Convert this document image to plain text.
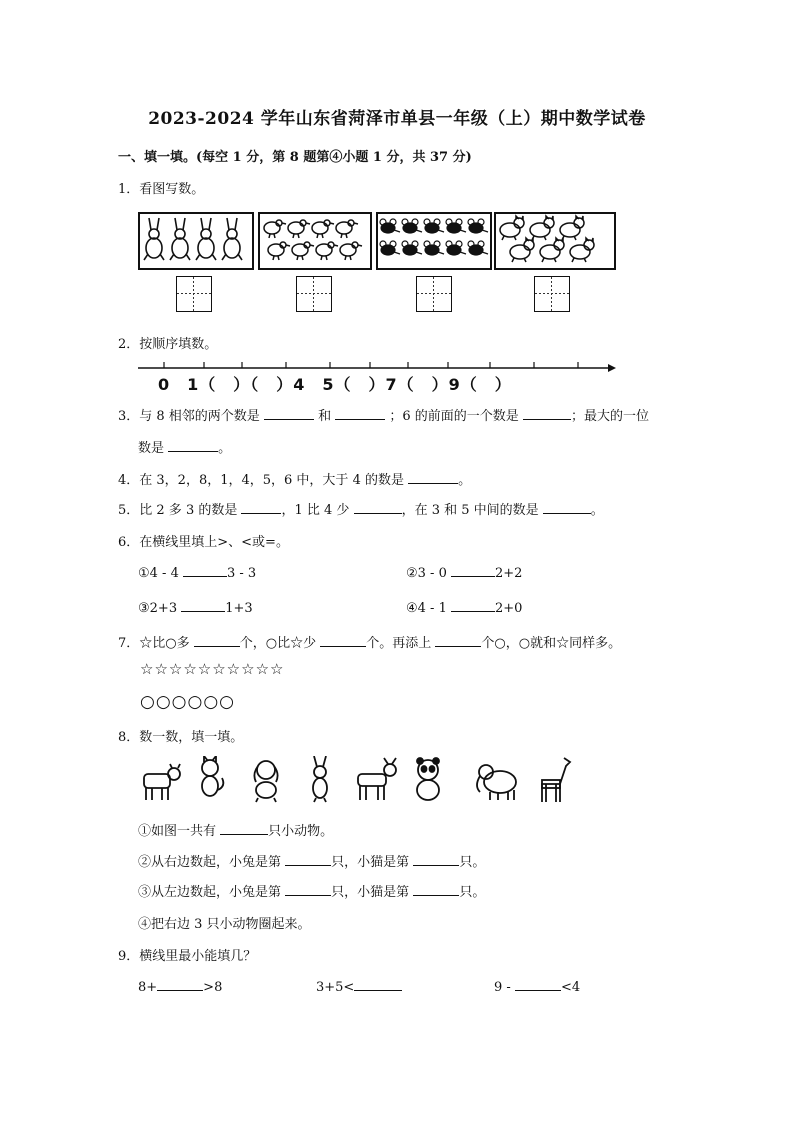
2023-2024 学年山东省菏泽市单县一年级（上）期中数学试卷
一、填一填。(每空 1 分，第 8 题第④小题 1 分，共 37 分)
1．看图写数。
2．按顺序填数。
0　1（　）（　）4　5（　）7（　）9（　）
3．与 8 相邻的两个数是	和	；6 的前面的一个数是	；最大的一位
数是	。
4．在 3，2，8，1，4，5，6 中，大于 4 的数是	。
5．比 2 多 3 的数是	，1 比 4 少	，在 3 和 5 中间的数是	。
6．在横线里填上>、<或=。
①4 - 4	3 - 3	②3 - 0	2+2
③2+3	1+3	④4 - 1	2+0
7．☆比○多	个，○比☆少	个。再添上	个○，○就和☆同样多。
☆☆☆☆☆☆☆☆☆☆
○○○○○○
8．数一数，填一填。
①如图一共有	只小动物。
②从右边数起，小兔是第	只，小猫是第	只。
③从左边数起，小兔是第	只，小猫是第	只。
④把右边 3 只小动物圈起来。
9．横线里最小能填几？
8+	>8	3+5<	9 -	<4
